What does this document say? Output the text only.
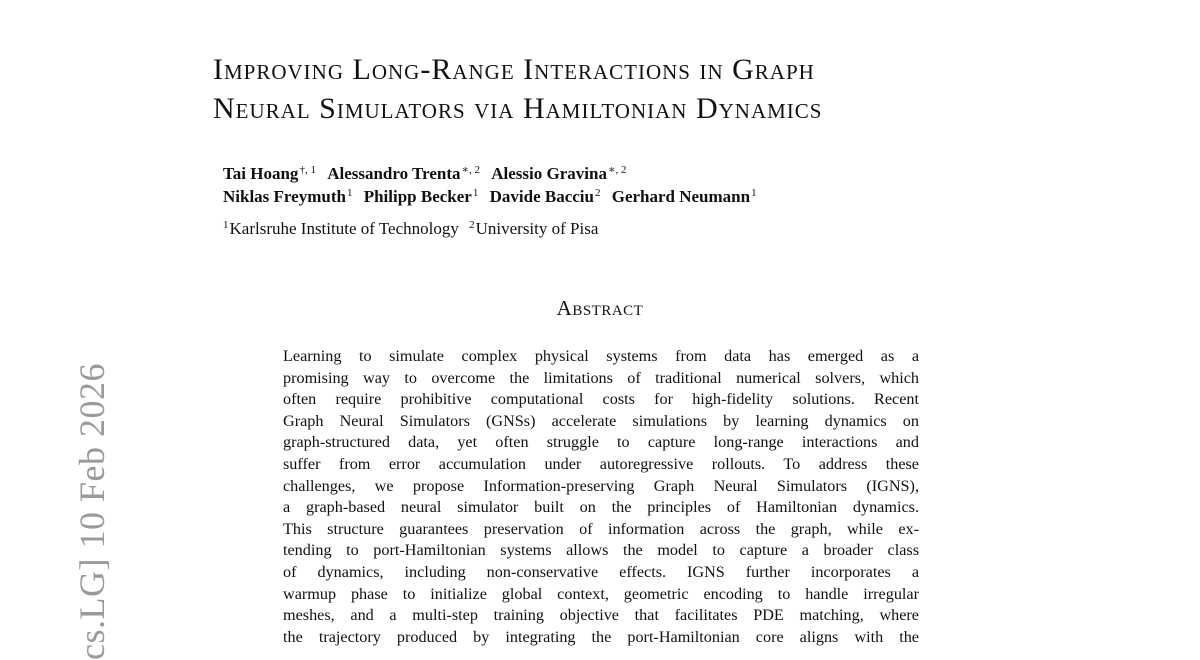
cs.LG] 10 Feb 2026
Improving Long-Range Interactions in Graph
Neural Simulators via Hamiltonian Dynamics
Tai Hoang$^{\dagger, 1}$ Alessandro Trenta$^{∗, 2}$ Alessio Gravina$^{∗, 2}$
Niklas Freymuth$^1$ Philipp Becker$^1$ Davide Bacciu$^2$ Gerhard Neumann$^1$
$^1$Karlsruhe Institute of Technology $^2$University of Pisa
Abstract
Learning to simulate complex physical systems from data has emerged as a
promising way to overcome the limitations of traditional numerical solvers, which
often require prohibitive computational costs for high-fidelity solutions. Recent
Graph Neural Simulators (GNSs) accelerate simulations by learning dynamics on
graph-structured data, yet often struggle to capture long-range interactions and
suffer from error accumulation under autoregressive rollouts. To address these
challenges, we propose Information-preserving Graph Neural Simulators (IGNS),
a graph-based neural simulator built on the principles of Hamiltonian dynamics.
This structure guarantees preservation of information across the graph, while ex-
tending to port-Hamiltonian systems allows the model to capture a broader class
of dynamics, including non-conservative effects. IGNS further incorporates a
warmup phase to initialize global context, geometric encoding to handle irregular
meshes, and a multi-step training objective that facilitates PDE matching, where
the trajectory produced by integrating the port-Hamiltonian core aligns with the
